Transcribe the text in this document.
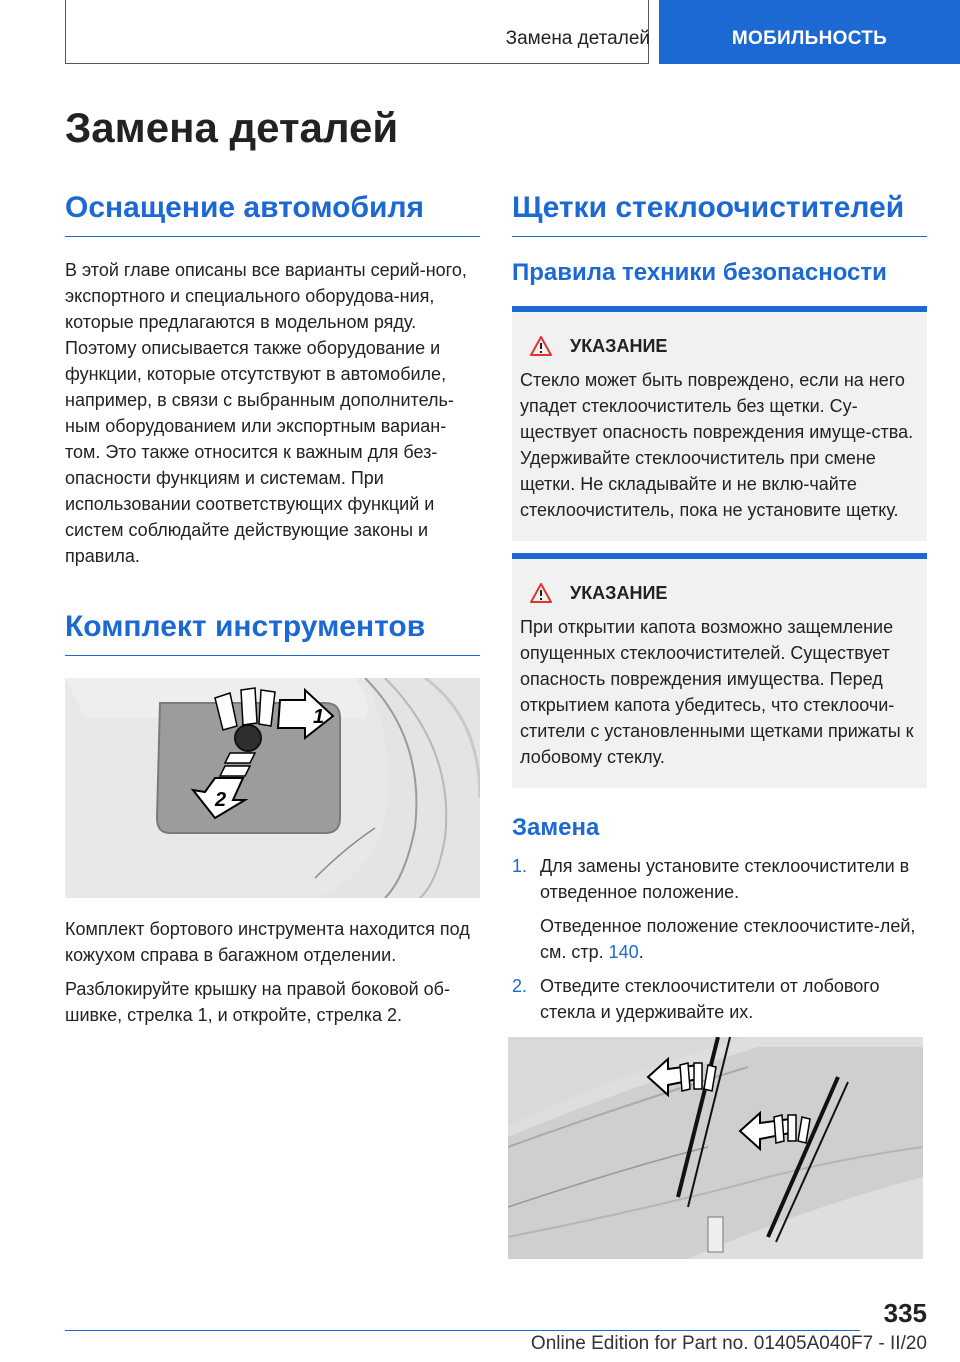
Замена деталей	МОБИЛЬНОСТЬ
Замена деталей
Оснащение автомобиля

В этой главе описаны все варианты серий-ного, экспортного и специального оборудова-ния, которые предлагаются в модельном ряду. Поэтому описывается также оборудование и функции, которые отсутствуют в автомобиле, например, в связи с выбранным дополнитель-ным оборудованием или экспортным вариан-том. Это также относится к важным для без-опасности функциям и системам. При использовании соответствующих функций и систем соблюдайте действующие законы и правила.

Комплект инструментов
1
2

Комплект бортового инструмента находится под кожухом справа в багажном отделении.

Разблокируйте крышку на правой боковой об-шивке, стрелка 1, и откройте, стрелка 2.

Щетки стеклоочистителей
Правила техники безопасности
УКАЗАНИЕ

Стекло может быть повреждено, если на него упадет стеклоочиститель без щетки. Су-ществует опасность повреждения имуще-ства. Удерживайте стеклоочиститель при смене щетки. Не складывайте и не вклю-чайте стеклоочиститель, пока не установите щетку.

УКАЗАНИЕ

При открытии капота возможно защемление опущенных стеклоочистителей. Существует опасность повреждения имущества. Перед открытием капота убедитесь, что стеклоочи-стители с установленными щетками прижаты к лобовому стеклу.

Замена
1. Для замены установите стеклоочистители в отведенное положение.

Отведенное положение стеклоочистите-лей, см. стр. 140.

2. Отведите стеклоочистители от лобового стекла и удерживайте их.

335
Online Edition for Part no. 01405A040F7 - II/20
